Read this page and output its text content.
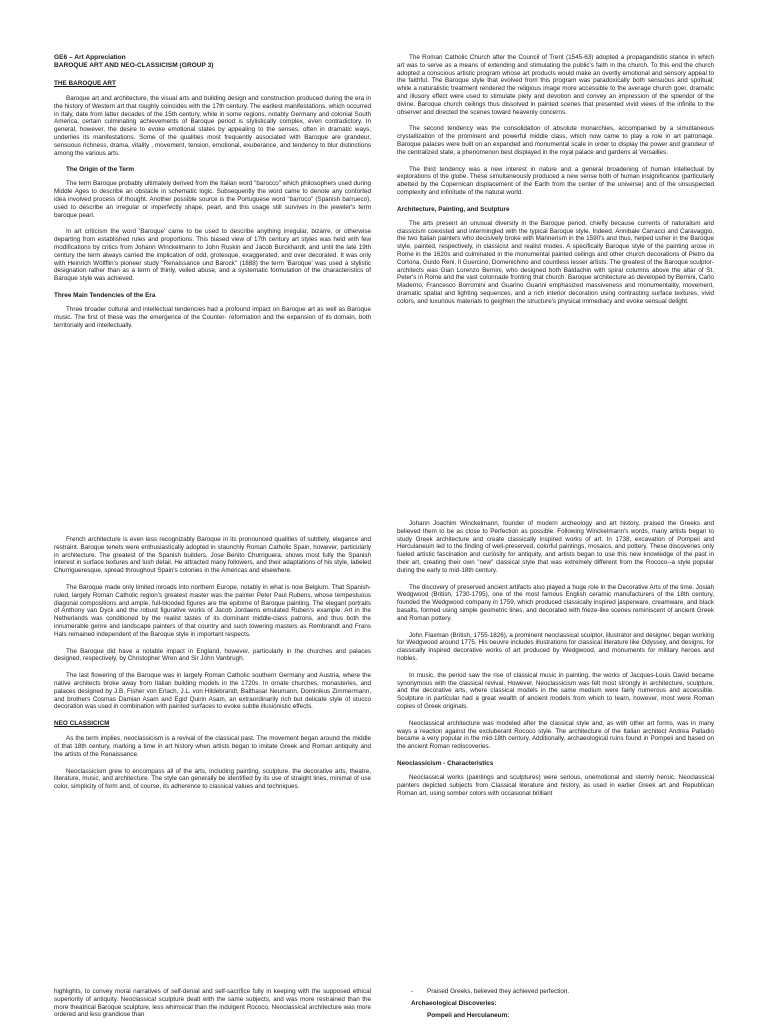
GE6 – Art Appreciation
BAROQUE ART AND NEO-CLASSICISM (GROUP 3)
THE BAROQUE ART

Baroque art and architecture, the visual arts and building design and construction produced during the era in the history of Western art that roughly coincides with the 17th century. The earliest manifestations, which occurred in Italy, date from latter decades of the 15th century, while in some regions, notably Germany and colonial South America, certain culminating achievements of Baroque period is stylistically complex, even contradictory. In general, however, the desire to evoke emotional states by appealing to the senses, often in dramatic ways, underlies its manifestations. Some of the qualities most frequently associated with Baroque are grandeur, sensuous richness, drama, vitality , movement, tension, emotional, exuberance, and tendency to blur distinctions among the various arts.

The Origin of the Term

The term Baroque probably ultimately derived from the Italian word "barocco" which philosophers used during Middle Ages to describe an obstacle in schematic logic. Subsequently the word came to denote any contorted idea involved process of thought. Another possible source is the Portuguese word "barroco" (Spanish barrueco), used to describe an irregular or imperfectly shape, pearl, and this usage still survives in the jeweler's term baroque pearl.

In art criticism the word 'Baroque' came to be used to describe anything irregular, bizarre, or otherwise departing from established rules and proportions. This biased view of 17th century art styles was held with few modifications by critics from Johann Winckelmann to John Ruskin and Jacob Burckhardt, and until the late 19th century the term always carried the implication of odd, grotesque, exaggerated, and over decorated. It was only with Heinrich Wölfflin's pioneer study "Renaissance und Barock" (1888) the term 'Baroque' was used a stylistic designation rather than as a term of thinly, veiled abuse, and a systematic formulation of the characteristics of Baroque style was achieved.

Three Main Tendencies of the Era

Three broader cultural and intellectual tendencies had a profound impact on Baroque art as well as Baroque music. The first of these was the emergence of the Counter- reformation and the expansion of its domain, both territorially and intellectually.

The Roman Catholic Church after the Council of Trent (1545-63) adopted a propagandistic stance in which art was to serve as a means of extending and stimulating the public's faith in the church. To this end the church adopted a conscious artistic program whose art products would make an overtly emotional and sensory appeal to the faithful. The Baroque style that evolved from this program was paradoxically both sensuous and spiritual; while a naturalistic treatment rendered the religious image more accessible to the average church goer, dramatic and illusory effect were used to stimulate piety and devotion and convey an impression of the splendor of the divine. Baroque church ceilings thus dissolved in painted scenes that presented vivid views of the infinite to the observer and directed the scenes toward heavenly concerns.

The second tendency was the consolidation of absolute monarchies, accompanied by a simultaneous crystallization of the prominent and powerful middle class, which now came to play a role in art patronage. Baroque palaces were built on an expanded and monumental scale in order to display the power and grandeur of the centralized state, a phenomenon best displayed in the royal palace and gardens at Versailles.

The third tendency was a new interest in nature and a general broadening of human intellectual by explorations of the globe. These simultaneously produced a new sense both of human insignificance (particularly abetted by the Copernican displacement of the Earth from the center of the universe) and of the unsuspected complexity and infinitude of the natural world.

Architecture, Painting, and Sculpture

The arts present an unusual diversity in the Baroque period, chiefly because currents of naturalism and classicism coexisted and intermingled with the typical Baroque style. Indeed, Annibale Carracci and Caravaggio, the two Italian painters who decisively broke with Mannerism in the 1590's and thus, helped usher in the Baroque style, painted, respectively, in classicist and realist modes. A specifically Baroque style of the painting arose in Rome in the 1620s and culminated in the monumental painted ceilings and other church decorations of Pietro da Cortona, Guido Reni, Il Guercino, Domenichino and countless lesser artists. The greatest of the Baroque sculptor-architects was Gian Lorenzo Bernini, who designed both Baldachin with spiral columns above the altar of St. Peter's in Rome and the vast colonnade fronting that church. Baroque architecture as developed by Bernini, Carlo Maderno, Francesco Borromini and Guarino Guarini emphasized massiveness and monumentality, movement, dramatic spatial and lighting sequences, and a rich interior decoration using contrasting surface textures, vivid colors, and luxurious materials to geighten the structure's physical immediacy and evoke sensual delight.

French architecture is even less recognizably Baroque in its pronounced qualities of subtlety, elegance and restraint. Baroque tenets were enthusiastically adopted in staunchly Roman Catholic Spain, however, particularly in architecture. The greatest of the Spanish builders, Jose Benito Churriguera, shows most fully the Spanish interest in surface textures and lush detail. He attracted many followers, and their adaptations of his style, labeled Churrigueresque, spread throughout Spain's colonies in the Americas and elsewhere.

The Baroque made only limited inroads into northern Europe, notably in what is now Belgium. That Spanish-ruled, largely Roman Catholic region's greatest master was the painter Peter Paul Rubens, whose tempestuous diagonal compositions and ample, full-blooded figures are the epitome of Baroque painting. The elegant portraits of Anthony van Dyck and the robust figurative works of Jacob Jordaens emulated Ruben's example. Art in the Netherlands was conditioned by the realist tastes of its dominant middle-class patrons, and thus both the innumerable genre and landscape painters of that country and such towering masters as Rembrandt and Frans Hals remained independent of the Baroque style in important respects.

The Baroque did have a notable impact in England, however, particularly in the churches and palaces designed, respectively, by Christopher Wren and Sir John Vanbrugh.

The last flowering of the Baroque was in largely Roman Catholic southern Germany and Austria, where the native architects broke away from Italian building models in the 1720s. In ornate churches, monasteries, and palaces designed by J.B. Fisher von Erlach, J.L. von Hildebrandt, Balthasar Neumann, Dominikus Zimmermann, and brothers Cosmas Damian Asam and Egid Quirin Asam, an extraordinarily rich but delicate style of stucco decoration was used in combination with painted surfaces to evoke subtle illusionistic effects.

NEO CLASSICICM

As the term implies, neoclassicism is a revival of the classical past. The movement began around the middle of that 18th century, marking a time in art history when artists began to imitate Greek and Roman antiquity and the artists of the Renaissance.

Neoclassicism grew to encompass all of the arts, including painting, sculpture, the decorative arts, theatre, literature, music, and architecture. The style can generally be identified by its use of straight lines, minimal of use color, simplicity of form and, of course, its adherence to classical values and techniques.

Johann Joachim Winckelmann, founder of modern archeology and art history, praised the Greeks and believed them to be as close to Perfection as possible. Following Winckelmann's words, many artists began to study Greek architecture and create classically inspired works of art. In 1738, excavation of Pompeii and Herculaneum led to the finding of well-preserved, colorful paintings, mosaics, and pottery. These discoveries only fueled artistic fascination and curiosity for antiquity, and artists began to use this new knowledge of the past in their art, creating their own "new" classical style that was extremely different from the Rococo--a style popular during the early to mid-18th century.

The discovery of preserved ancient artifacts also played a huge role in the Decorative Arts of the time. Josiah Wedgwood (British, 1730-1795), one of the most famous English ceramic manufacturers of the 18th century, founded the Wedgwood company in 1759, which produced classically inspired jasperware, creamware, and black basalts, formed using simple geometric lines, and decorated with frieze-like scenes reminiscent of ancient Greek and Roman pottery.

John Flaxman (British, 1755-1826), a prominent neoclassical sculptor, illustrator and designer, began working for Wedgwood around 1775. His oeuvre includes illustrations for classical literature like Odyssey, and designs, for classically inspired decorative works of art produced by Wedgwood, and monuments for military heroes and nobles.

In music, the period saw the rise of classical music in painting, the works of Jacques-Louis David became synonymous with the classical revival. However, Neoclassicism was felt most strongly in architecture, sculpture, and the decorative arts, where classical models in the same medium were fairly numerous and accessible. Sculpture in particular had a great wealth of ancient models from which to learn, however, most were Roman copies of Greek originals.

Neoclassical architecture was modeled after the classical style and, as with other art forms, was in many ways a reaction against the excluberant Rococo style. The architecture of the Italian architect Andrea Palladio became a very popular in the mid-18th century. Additionally, archaeological ruins found in Pompeii and based on the ancient Roman rediscoveries.

Neoclassicism - Characteristics

Neoclassical works (paintings and sculptures) were serious, unemotional and sternly heroic. Neoclassical painters depicted subjects from Classical literature and history, as used in earlier Greek art and Republican Roman art, using somber colors with occasional brilliant

highlights, to convey moral narratives of self-denial and self-sacrifice fully in keeping with the supposed ethical superiority of antiquity. Neoclassical sculpture dealt with the same subjects, and was more restrained than the more theatrical Baroque sculpture, less whimsical than the indulgent Rococo, Neoclassical architecture was more ordered and less grandiose than

- Praised Greeks, believed they achieved perfection.
Archaeological Discoveries:
Pompeii and Herculaneum:
